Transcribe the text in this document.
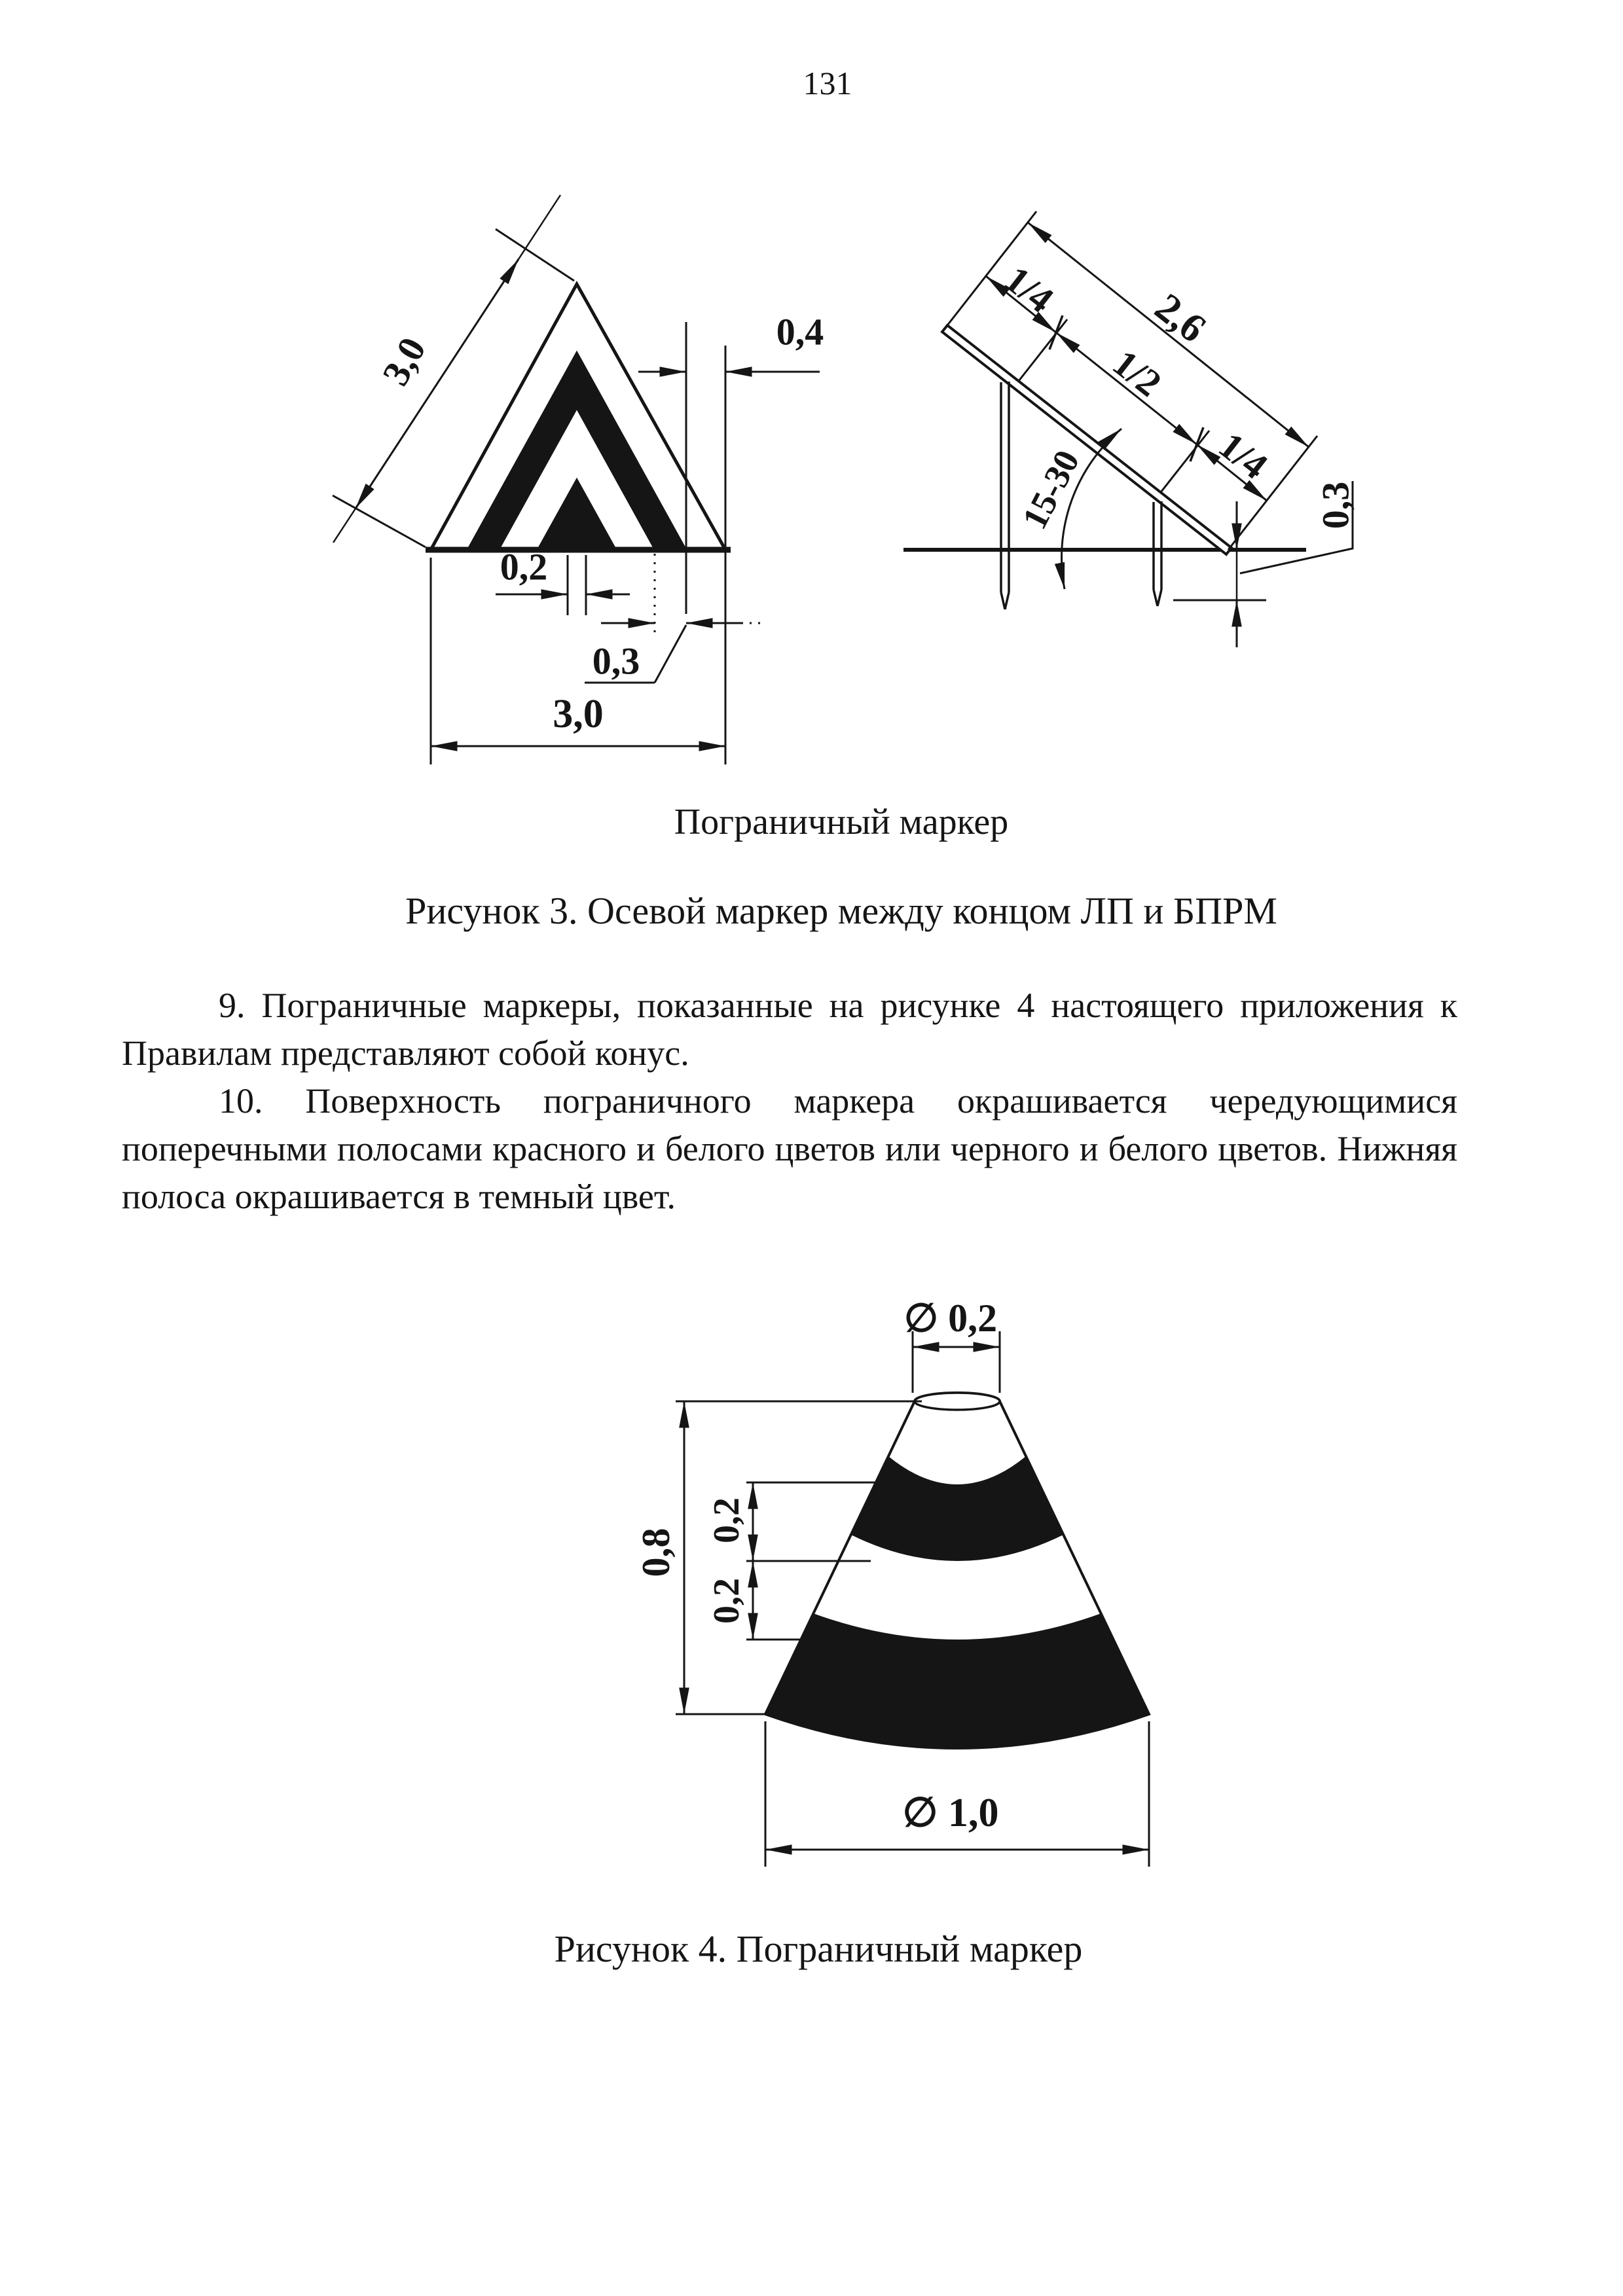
131
3,0	0,4
0,2
0,3
3,0
2,6
1/4
1/2
1/4
15-30	0,3
Пограничный маркер
Рисунок 3. Осевой маркер между концом ЛП и БПРМ

9. Пограничные маркеры, показанные на рисунке 4 настоящего приложения к Правилам представляют собой конус.

10. Поверхность пограничного маркера окрашивается чередующимися поперечными полосами красного и белого цветов или черного и белого цветов. Нижняя полоса окрашивается в темный цвет.

∅ 0,2
0,8
0,2
0,2
∅ 1,0
Рисунок 4. Пограничный маркер
